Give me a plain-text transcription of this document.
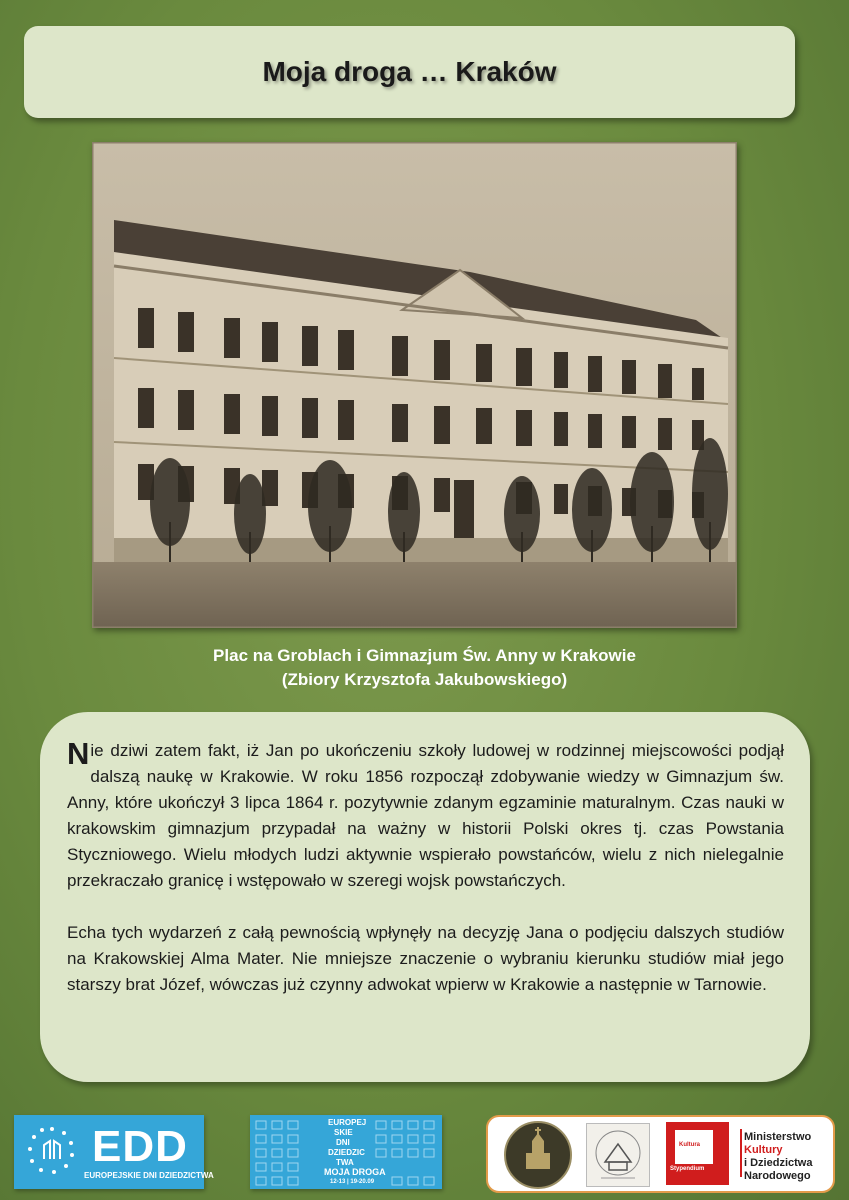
Moja droga … Kraków
Plac na Groblach i Gimnazjum Św. Anny w Krakowie
(Zbiory Krzysztofa Jakubowskiego)

Nie dziwi zatem fakt, iż Jan po ukończeniu szkoły ludowej w rodzinnej miejscowości podjął dalszą naukę w Krakowie. W roku 1856 rozpoczął zdobywanie wiedzy w Gimnazjum św. Anny, które ukończył 3 lipca 1864 r. pozytywnie zdanym egzaminie maturalnym. Czas nauki w krakowskim gimnazjum przypadał na ważny w historii Polski okres tj. czas Powstania Styczniowego. Wielu młodych ludzi aktywnie wspierało powstańców, wielu z nich nielegalnie przekraczało granicę i wstępowało w szeregi wojsk powstańczych.

Echa tych wydarzeń z całą pewnością wpłynęły na decyzję Jana o podjęciu dalszych studiów na Krakowskiej Alma Mater. Nie mniejsze znaczenie o wybraniu kierunku studiów miał jego starszy brat Józef, wówczas już czynny adwokat wpierw w Krakowie a następnie w Tarnowie.

EDD
EUROPEJSKIE DNI DZIEDZICTWA
EUROPEJ
SKIE
DNI
DZIEDZIC
TWA
MOJA DROGA
12-13 | 19-20.09
Kultura
Stypendium
Ministerstwo
Kultury
i Dziedzictwa
Narodowego
